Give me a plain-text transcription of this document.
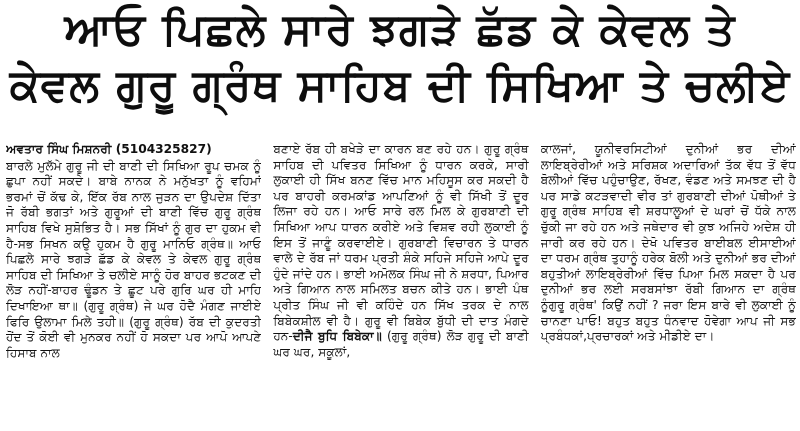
ਆਓ ਪਿਛਲੇ ਸਾਰੇ ਝਗੜੇ ਛੱਡ ਕੇ ਕੇਵਲ ਤੇ
ਕੇਵਲ ਗੁਰੂ ਗ੍ਰੰਥ ਸਾਹਿਬ ਦੀ ਸਿਖਿਆ ਤੇ ਚਲੀਏ
ਅਵਤਾਰ ਸਿੰਘ ਮਿਸ਼ਨਰੀ (5104325827)

ਬਾਰਲੇ ਮੁਲੱਮੇ ਗੁਰੂ ਜੀ ਦੀ ਬਾਣੀ ਦੀ ਸਿਖਿਆ ਰੂਪ ਚਮਕ ਨੂੰ ਛੁਪਾ ਨਹੀਂ ਸਕਦੇ। ਬਾਬੇ ਨਾਨਕ ਨੇ ਮਨੁੱਖਤਾ ਨੂੰ ਵਹਿਮਾਂ ਭਰਮਾਂ ਚੋਂ ਕੱਢ ਕੇ, ਇੱਕ ਰੱਬ ਨਾਲ ਜੁੜਨ ਦਾ ਉਪਦੇਸ਼ ਦਿੱਤਾ ਜੋ ਰੱਬੀ ਭਗਤਾਂ ਅਤੇ ਗੁਰੂਆਂ ਦੀ ਬਾਣੀ ਵਿੱਚ ਗੁਰੂ ਗ੍ਰੰਥ ਸਾਹਿਬ ਵਿਖੇ ਸੁਸ਼ੋਭਿਤ ਹੈ। ਸਭ ਸਿੱਖਾਂ ਨੂੰ ਗੁਰ ਦਾ ਹੁਕਮ ਵੀ ਹੈ-ਸਭ ਸਿਖਨ ਕਉ ਹੁਕਮ ਹੈ ਗੁਰੂ ਮਾਨਿਓ ਗ੍ਰੰਥ॥ ਆਓ ਪਿਛਲੇ ਸਾਰੇ ਝਗੜੇ ਛੱਡ ਕੇ ਕੇਵਲ ਤੇ ਕੇਵਲ ਗੁਰੂ ਗ੍ਰੰਥ ਸਾਹਿਬ ਦੀ ਸਿਖਿਆ ਤੇ ਚਲੀਏ ਸਾਨੂੰ ਹੋਰ ਬਾਹਰ ਭਟਕਣ ਦੀ ਲੋੜ ਨਹੀਂ-ਬਾਹਰ ਢੂੰਡਨ ਤੇ ਛੂਟ ਪਰੇ ਗੁਰਿ ਘਰ ਹੀ ਮਾਹਿ ਦਿਖਾਇਆ ਥਾ॥ (ਗੁਰੂ ਗ੍ਰੰਥ) ਜੇ ਘਰ ਹੋਦੈ ਮੰਗਣ ਜਾਈਏ ਫਿਰਿ ਉਲਾਮਾ ਮਿਲੇ ਤਹੀ॥ (ਗੁਰੂ ਗ੍ਰੰਥ) ਰੱਬ ਦੀ ਕੁਦਰਤੀ ਹੋਂਦ ਤੋਂ ਕੋਈ ਵੀ ਮੁਨਕਰ ਨਹੀਂ ਹੋ ਸਕਦਾ ਪਰ ਆਪੋ ਆਪਣੇ ਹਿਸਾਬ ਨਾਲ

ਬਣਾਏ ਰੱਬ ਹੀ ਬਖੇੜੇ ਦਾ ਕਾਰਨ ਬਣ ਰਹੇ ਹਨ। ਗੁਰੂ ਗ੍ਰੰਥ ਸਾਹਿਬ ਦੀ ਪਵਿਤਰ ਸਿਖਿਆ ਨੂੰ ਧਾਰਨ ਕਰਕੇ, ਸਾਰੀ ਲੁਕਾਈ ਹੀ ਸਿੱਖ ਬਨਣ ਵਿੱਚ ਮਾਨ ਮਹਿਸੂਸ ਕਰ ਸਕਦੀ ਹੈ ਪਰ ਬਾਹਰੀ ਕਰਮਕਾਂਡ ਆਪਣਿਆਂ ਨੂੰ ਵੀ ਸਿੱਖੀ ਤੋਂ ਦੂਰ ਲਿਜਾ ਰਹੇ ਹਨ। ਆਓ ਸਾਰੇ ਰਲ ਮਿਲ ਕੇ ਗੁਰਬਾਣੀ ਦੀ ਸਿਖਿਆ ਆਪ ਧਾਰਨ ਕਰੀਏ ਅਤੇ ਵਿਸ਼ਵ ਰਹੀ ਲੁਕਾਈ ਨੂੰ ਇਸ ਤੋਂ ਜਾਣੂੰ ਕਰਵਾਈਏ। ਗੁਰਬਾਣੀ ਵਿਚਾਰਨ ਤੇ ਧਾਰਨ ਵਾਲੇ ਦੇ ਰੱਬ ਜਾਂ ਧਰਮ ਪ੍ਰਤੀ ਸ਼ੰਕੇ ਸਹਿਜੇ ਸਹਿਜੇ ਆਪੇ ਦੂਰ ਹੁੰਦੇ ਜਾਂਦੇ ਹਨ। ਭਾਈ ਅਮੋਲਕ ਸਿੰਘ ਜੀ ਨੇ ਸ਼ਰਧਾ, ਪਿਆਰ ਅਤੇ ਗਿਆਨ ਨਾਲ ਸਮਿਲਤ ਬਚਨ ਕੀਤੇ ਹਨ। ਭਾਈ ਪੰਥ ਪ੍ਰੀਤ ਸਿੰਘ ਜੀ ਵੀ ਕਹਿੰਦੇ ਹਨ ਸਿੱਖ ਤਰਕ ਦੇ ਨਾਲ ਬਿਬੇਕਸ਼ੀਲ ਵੀ ਹੈ। ਗੁਰੂ ਵੀ ਬਿਬੇਕ ਬੁੱਧੀ ਦੀ ਦਾਤ ਮੰਗਦੇ ਹਨ-ਦੀਜੈ ਬੁਧਿ ਬਿਬੇਕਾ॥ (ਗੁਰੂ ਗ੍ਰੰਥ) ਲੋੜ ਗੁਰੂ ਦੀ ਬਾਣੀ ਘਰ ਘਰ, ਸਕੂਲਾਂ,

ਕਾਲਜਾਂ, ਯੂਨੀਵਰਸਿਟੀਆਂ ਦੁਨੀਆਂ ਭਰ ਦੀਆਂ ਲਾਇਬ੍ਰੇਰੀਆਂ ਅਤੇ ਸਰਿਸ਼ਕ ਅਦਾਰਿਆਂ ਤੱਕ ਵੱਧ ਤੋਂ ਵੱਧ ਬੋਲੀਆਂ ਵਿੱਚ ਪਹੁੰਚਾਉਣ, ਰੱਖਣ, ਵੰਡਣ ਅਤੇ ਸਮਝਣ ਦੀ ਹੈ ਪਰ ਸਾਡੇ ਕਟੜਵਾਦੀ ਵੀਰ ਤਾਂ ਗੁਰਬਾਣੀ ਦੀਆਂ ਪੋਥੀਆਂ ਤੇ ਗੁਰੂ ਗ੍ਰੰਥ ਸਾਹਿਬ ਵੀ ਸ਼ਰਧਾਲੂਆਂ ਦੇ ਘਰਾਂ ਚੋਂ ਧੱਕੇ ਨਾਲ ਚੁੱਕੀ ਜਾ ਰਹੇ ਹਨ ਅਤੇ ਜਥੇਦਾਰ ਵੀ ਕੁਝ ਅਜਿਹੇ ਅਦੇਸ਼ ਹੀ ਜਾਰੀ ਕਰ ਰਹੇ ਹਨ। ਦੇਖੋ ਪਵਿਤਰ ਬਾਈਬਲ ਈਸਾਈਆਂ ਦਾ ਧਰਮ ਗ੍ਰੰਥ ਤੁਹਾਨੂੰ ਹਰੇਕ ਬੋਲੀ ਅਤੇ ਦੁਨੀਆਂ ਭਰ ਦੀਆਂ ਬਹੁਤੀਆਂ ਲਾਇਬ੍ਰੇਰੀਆਂ ਵਿੱਚ ਪਿਆ ਮਿਲ ਸਕਦਾ ਹੈ ਪਰ ਦੁਨੀਆਂ ਭਰ ਲਈ ਸਰਬਸਾਂਝਾ ਰੱਬੀ ਗਿਆਨ ਦਾ ਗ੍ਰੰਥ ਨੂੰਗੁਰੂ ਗ੍ਰੰਥ' ਕਿਉਂ ਨਹੀਂ ? ਜਰਾ ਇਸ ਬਾਰੇ ਵੀ ਲੁਕਾਈ ਨੂੰ ਚਾਨਣਾ ਪਾਓ! ਬਹੁਤ ਬਹੁਤ ਧੰਨਵਾਦ ਹੋਵੇਗਾ ਆਪ ਜੀ ਸਭ ਪ੍ਰਬੰਧਕਾਂ,ਪ੍ਰਚਾਰਕਾਂ ਅਤੇ ਮੀਡੀਏ ਦਾ।
